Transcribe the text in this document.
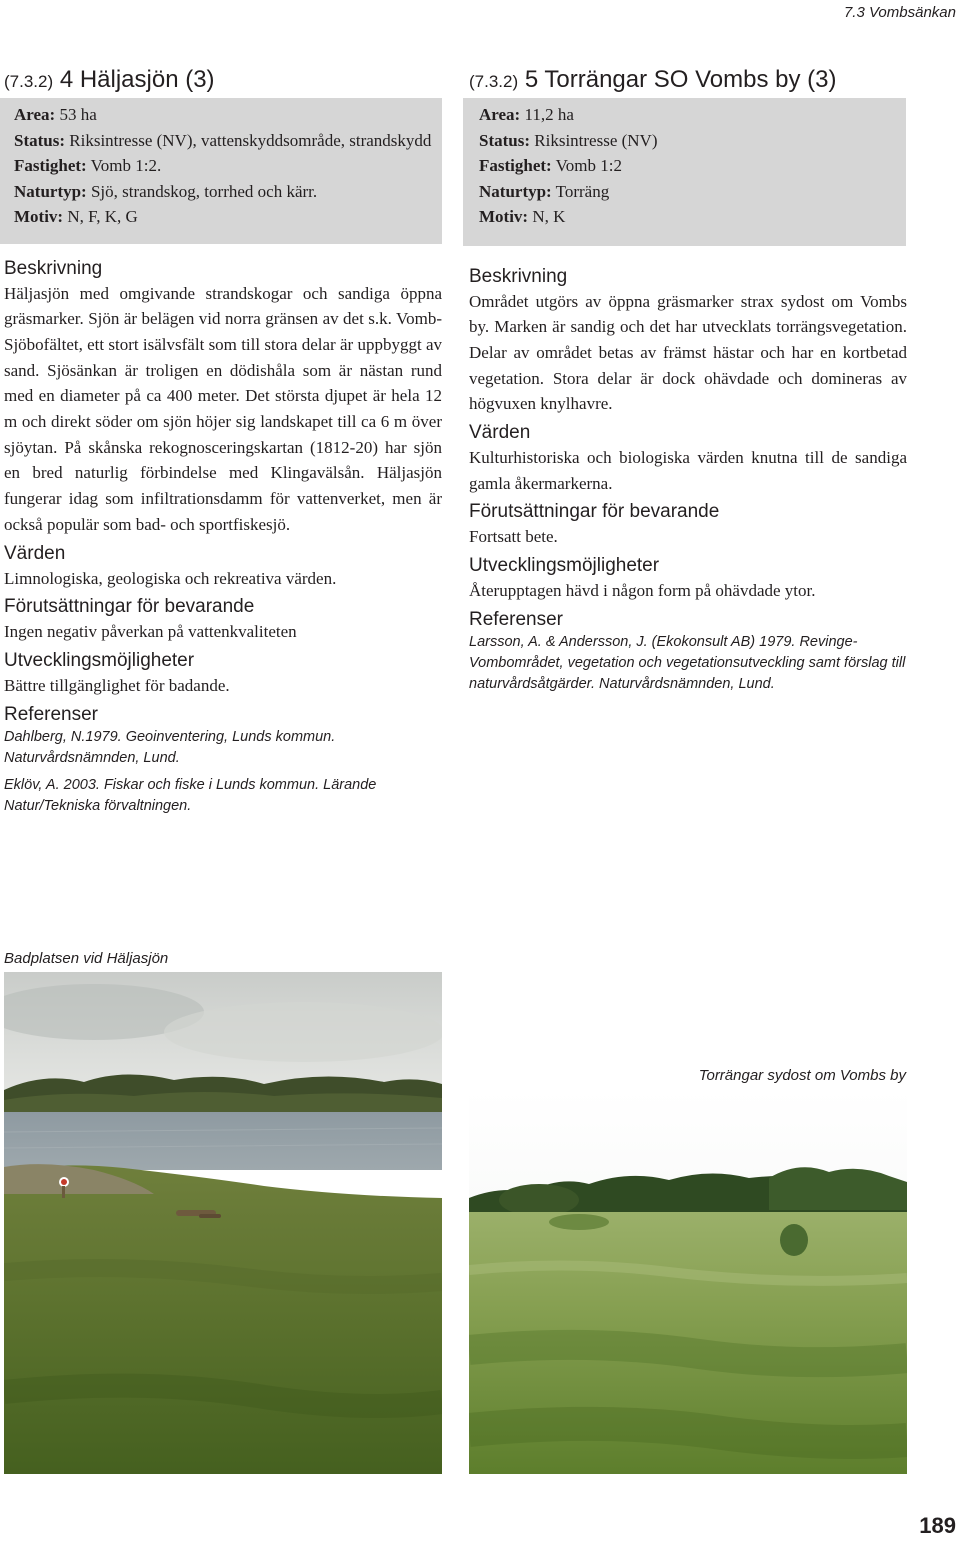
7.3 Vombsänkan
(7.3.2) 4 Häljasjön (3)
Area: 53 ha
Status: Riksintresse (NV), vattenskyddsområde, strandskydd
Fastighet: Vomb 1:2.
Naturtyp: Sjö, strandskog, torrhed och kärr.
Motiv: N, F, K, G
Beskrivning
Häljasjön med omgivande strandskogar och sandiga öppna gräsmarker. Sjön är belägen vid norra gränsen av det s.k. Vomb-Sjöbofältet, ett stort isälvsfält som till stora delar är uppbyggt av sand. Sjösänkan är troligen en dödishåla som är nästan rund med en diameter på ca 400 meter. Det största djupet är hela 12 m och direkt söder om sjön höjer sig landskapet till ca 6 m över sjöytan. På skånska rekognosceringskartan (1812-20) har sjön en bred naturlig förbindelse med Klingavälsån. Häljasjön fungerar idag som infiltrationsdamm för vattenverket, men är också populär som bad- och sportfiskesjö.
Värden
Limnologiska, geologiska och rekreativa värden.
Förutsättningar för bevarande
Ingen negativ påverkan på vattenkvaliteten
Utvecklingsmöjligheter
Bättre tillgänglighet för badande.
Referenser
Dahlberg, N.1979. Geoinventering, Lunds kommun. Naturvårdsnämnden, Lund.
Eklöv, A. 2003. Fiskar och fiske i Lunds kommun. Lärande Natur/Tekniska förvaltningen.
(7.3.2) 5 Torrängar SO Vombs by (3)
Area: 11,2 ha
Status: Riksintresse (NV)
Fastighet: Vomb 1:2
Naturtyp: Torräng
Motiv: N, K
Beskrivning
Området utgörs av öppna gräsmarker strax sydost om Vombs by. Marken är sandig och det har utvecklats torrängsvegetation. Delar av området betas av främst hästar och har en kortbetad vegetation. Stora delar är dock ohävdade och domineras av högvuxen knylhavre.
Värden
Kulturhistoriska och biologiska värden knutna till de sandiga gamla åkermarkerna.
Förutsättningar för bevarande
Fortsatt bete.
Utvecklingsmöjligheter
Återupptagen hävd i någon form på ohävdade ytor.
Referenser
Larsson, A. & Andersson, J. (Ekokonsult AB) 1979. Revinge-Vombområdet, vegetation och vegetationsutveckling samt förslag till naturvårdsåtgärder. Naturvårdsnämnden, Lund.
Badplatsen vid Häljasjön
Torrängar sydost om Vombs by
189
